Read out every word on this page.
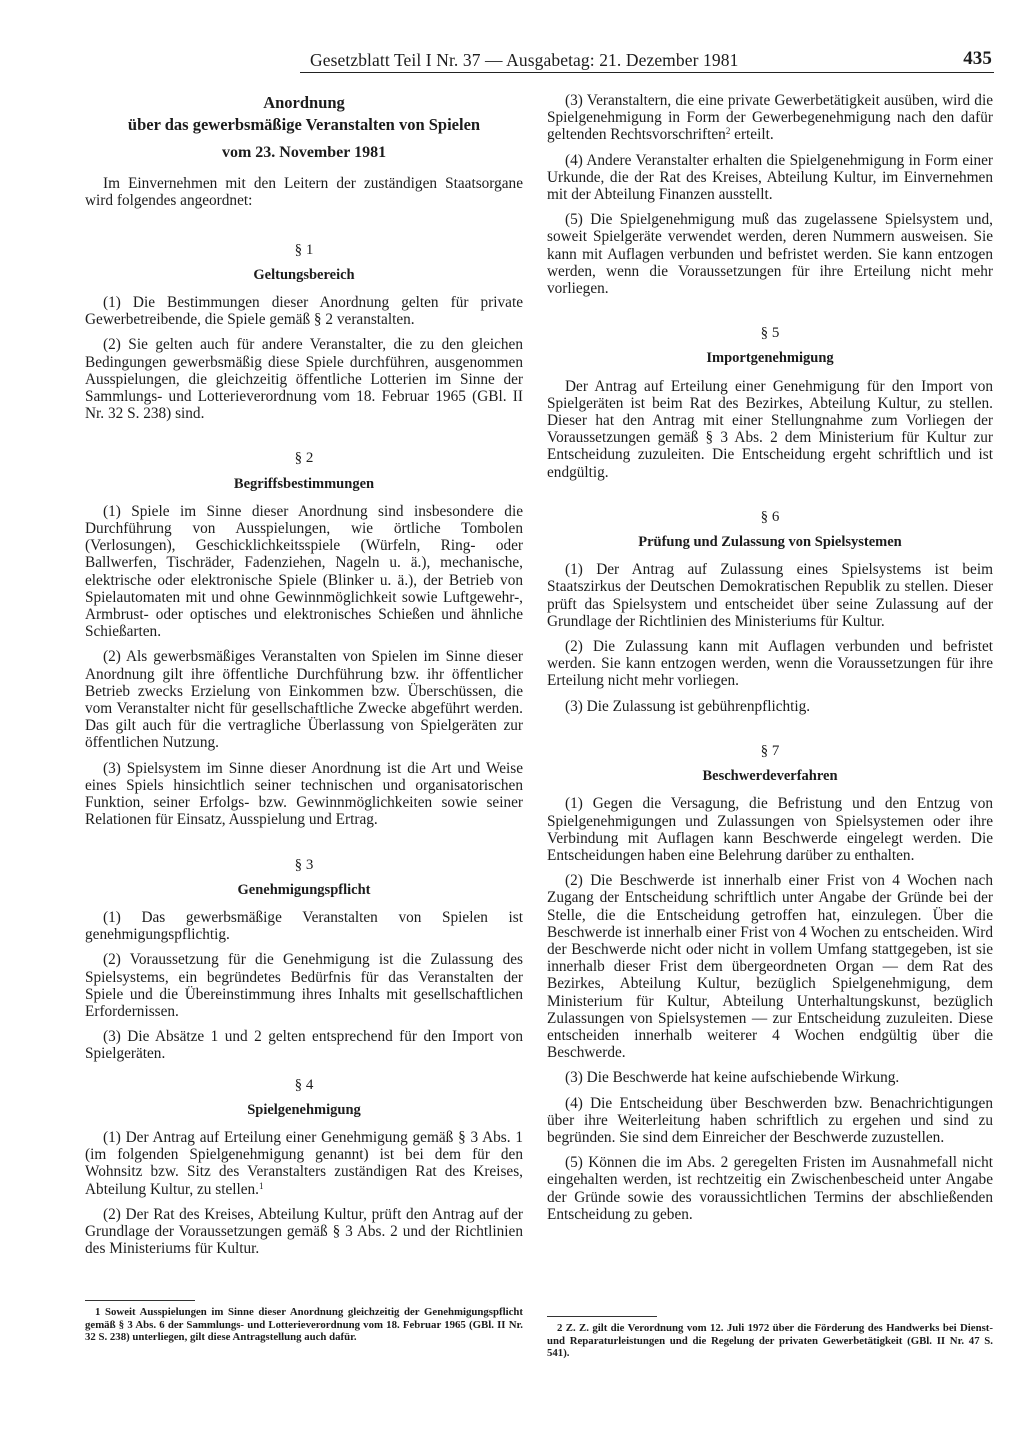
Gesetzblatt Teil I Nr. 37 — Ausgabetag: 21. Dezember 1981	435
Anordnung
über das gewerbsmäßige Veranstalten von Spielen
vom 23. November 1981

Im Einvernehmen mit den Leitern der zuständigen Staatsorgane wird folgendes angeordnet:

§ 1
Geltungsbereich

(1) Die Bestimmungen dieser Anordnung gelten für private Gewerbetreibende, die Spiele gemäß § 2 veranstalten.

(2) Sie gelten auch für andere Veranstalter, die zu den gleichen Bedingungen gewerbsmäßig diese Spiele durchführen, ausgenommen Ausspielungen, die gleichzeitig öffentliche Lotterien im Sinne der Sammlungs- und Lotterieverordnung vom 18. Februar 1965 (GBl. II Nr. 32 S. 238) sind.

§ 2
Begriffsbestimmungen

(1) Spiele im Sinne dieser Anordnung sind insbesondere die Durchführung von Ausspielungen, wie örtliche Tombolen (Verlosungen), Geschicklichkeitsspiele (Würfeln, Ring- oder Ballwerfen, Tischräder, Fadenziehen, Nageln u. ä.), mechanische, elektrische oder elektronische Spiele (Blinker u. ä.), der Betrieb von Spielautomaten mit und ohne Gewinnmöglichkeit sowie Luftgewehr-, Armbrust- oder optisches und elektronisches Schießen und ähnliche Schießarten.

(2) Als gewerbsmäßiges Veranstalten von Spielen im Sinne dieser Anordnung gilt ihre öffentliche Durchführung bzw. ihr öffentlicher Betrieb zwecks Erzielung von Einkommen bzw. Überschüssen, die vom Veranstalter nicht für gesellschaftliche Zwecke abgeführt werden. Das gilt auch für die vertragliche Überlassung von Spielgeräten zur öffentlichen Nutzung.

(3) Spielsystem im Sinne dieser Anordnung ist die Art und Weise eines Spiels hinsichtlich seiner technischen und organisatorischen Funktion, seiner Erfolgs- bzw. Gewinnmöglichkeiten sowie seiner Relationen für Einsatz, Ausspielung und Ertrag.

§ 3
Genehmigungspflicht

(1) Das gewerbsmäßige Veranstalten von Spielen ist genehmigungspflichtig.

(2) Voraussetzung für die Genehmigung ist die Zulassung des Spielsystems, ein begründetes Bedürfnis für das Veranstalten der Spiele und die Übereinstimmung ihres Inhalts mit gesellschaftlichen Erfordernissen.

(3) Die Absätze 1 und 2 gelten entsprechend für den Import von Spielgeräten.

§ 4
Spielgenehmigung

(1) Der Antrag auf Erteilung einer Genehmigung gemäß § 3 Abs. 1 (im folgenden Spielgenehmigung genannt) ist bei dem für den Wohnsitz bzw. Sitz des Veranstalters zuständigen Rat des Kreises, Abteilung Kultur, zu stellen.$^1$

(2) Der Rat des Kreises, Abteilung Kultur, prüft den Antrag auf der Grundlage der Voraussetzungen gemäß § 3 Abs. 2 und der Richtlinien des Ministeriums für Kultur.

(3) Veranstaltern, die eine private Gewerbetätigkeit ausüben, wird die Spielgenehmigung in Form der Gewerbegenehmigung nach den dafür geltenden Rechtsvorschriften$^2$ erteilt.

(4) Andere Veranstalter erhalten die Spielgenehmigung in Form einer Urkunde, die der Rat des Kreises, Abteilung Kultur, im Einvernehmen mit der Abteilung Finanzen ausstellt.

(5) Die Spielgenehmigung muß das zugelassene Spielsystem und, soweit Spielgeräte verwendet werden, deren Nummern ausweisen. Sie kann mit Auflagen verbunden und befristet werden. Sie kann entzogen werden, wenn die Voraussetzungen für ihre Erteilung nicht mehr vorliegen.

§ 5
Importgenehmigung

Der Antrag auf Erteilung einer Genehmigung für den Import von Spielgeräten ist beim Rat des Bezirkes, Abteilung Kultur, zu stellen. Dieser hat den Antrag mit einer Stellungnahme zum Vorliegen der Voraussetzungen gemäß § 3 Abs. 2 dem Ministerium für Kultur zur Entscheidung zuzuleiten. Die Entscheidung ergeht schriftlich und ist endgültig.

§ 6
Prüfung und Zulassung von Spielsystemen

(1) Der Antrag auf Zulassung eines Spielsystems ist beim Staatszirkus der Deutschen Demokratischen Republik zu stellen. Dieser prüft das Spielsystem und entscheidet über seine Zulassung auf der Grundlage der Richtlinien des Ministeriums für Kultur.

(2) Die Zulassung kann mit Auflagen verbunden und befristet werden. Sie kann entzogen werden, wenn die Voraussetzungen für ihre Erteilung nicht mehr vorliegen.

(3) Die Zulassung ist gebührenpflichtig.

§ 7
Beschwerdeverfahren

(1) Gegen die Versagung, die Befristung und den Entzug von Spielgenehmigungen und Zulassungen von Spielsystemen oder ihre Verbindung mit Auflagen kann Beschwerde eingelegt werden. Die Entscheidungen haben eine Belehrung darüber zu enthalten.

(2) Die Beschwerde ist innerhalb einer Frist von 4 Wochen nach Zugang der Entscheidung schriftlich unter Angabe der Gründe bei der Stelle, die die Entscheidung getroffen hat, einzulegen. Über die Beschwerde ist innerhalb einer Frist von 4 Wochen zu entscheiden. Wird der Beschwerde nicht oder nicht in vollem Umfang stattgegeben, ist sie innerhalb dieser Frist dem übergeordneten Organ — dem Rat des Bezirkes, Abteilung Kultur, bezüglich Spielgenehmigung, dem Ministerium für Kultur, Abteilung Unterhaltungskunst, bezüglich Zulassungen von Spielsystemen — zur Entscheidung zuzuleiten. Diese entscheiden innerhalb weiterer 4 Wochen endgültig über die Beschwerde.

(3) Die Beschwerde hat keine aufschiebende Wirkung.

(4) Die Entscheidung über Beschwerden bzw. Benachrichtigungen über ihre Weiterleitung haben schriftlich zu ergehen und sind zu begründen. Sie sind dem Einreicher der Beschwerde zuzustellen.

(5) Können die im Abs. 2 geregelten Fristen im Ausnahmefall nicht eingehalten werden, ist rechtzeitig ein Zwischenbescheid unter Angabe der Gründe sowie des voraussichtlichen Termins der abschließenden Entscheidung zu geben.

1 Soweit Ausspielungen im Sinne dieser Anordnung gleichzeitig der Genehmigungspflicht gemäß § 3 Abs. 6 der Sammlungs- und Lotterieverordnung vom 18. Februar 1965 (GBl. II Nr. 32 S. 238) unterliegen, gilt diese Antragstellung auch dafür.
2 Z. Z. gilt die Verordnung vom 12. Juli 1972 über die Förderung des Handwerks bei Dienst- und Reparaturleistungen und die Regelung der privaten Gewerbetätigkeit (GBl. II Nr. 47 S. 541).
